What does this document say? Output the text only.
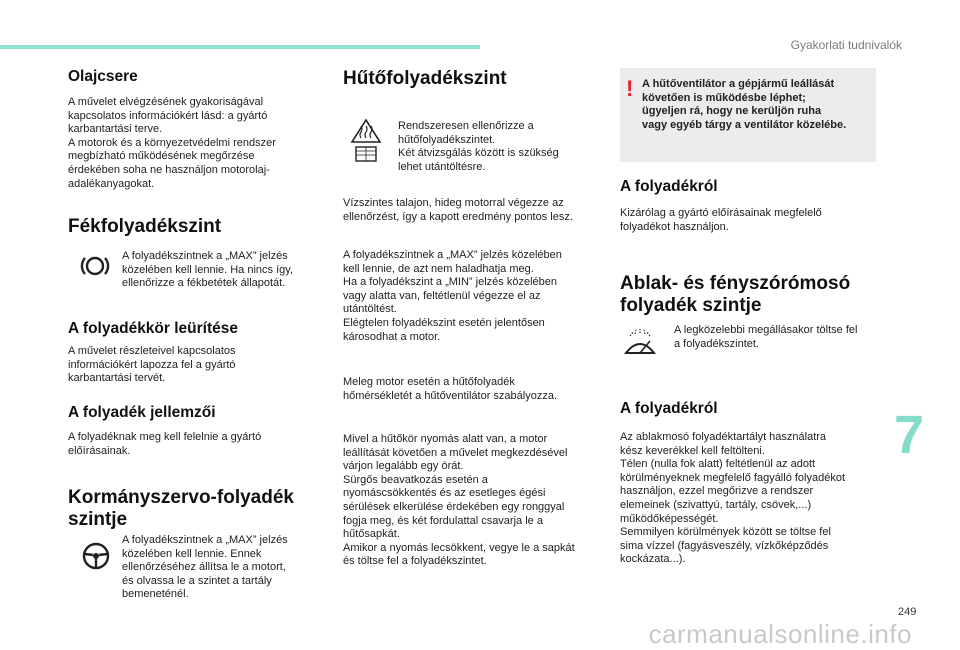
Gyakorlati tudnivalók
7
249
carmanualsonline.info
Olajcsere
A művelet elvégzésének gyakoriságával
kapcsolatos információkért lásd: a gyártó
karbantartási terve.
A motorok és a környezetvédelmi rendszer
megbízható működésének megőrzése
érdekében soha ne használjon motorolaj-
adalékanyagokat.
Fékfolyadékszint
A folyadékszintnek a „MAX” jelzés
közelében kell lennie. Ha nincs így,
ellenőrizze a fékbetétek állapotát.
A folyadékkör leürítése
A művelet részleteivel kapcsolatos
információkért lapozza fel a gyártó
karbantartási tervét.
A folyadék jellemzői
A folyadéknak meg kell felelnie a gyártó
előírásainak.
Kormányszervo-folyadék
szintje
A folyadékszintnek a „MAX” jelzés
közelében kell lennie. Ennek
ellenőrzéséhez állítsa le a motort,
és olvassa le a szintet a tartály
bemeneténél.
Hűtőfolyadékszint
Rendszeresen ellenőrizze a
hűtőfolyadékszintet.
Két átvizsgálás között is szükség
lehet utántöltésre.
Vízszintes talajon, hideg motorral végezze az
ellenőrzést, így a kapott eredmény pontos lesz.
A folyadékszintnek a „MAX” jelzés közelében
kell lennie, de azt nem haladhatja meg.
Ha a folyadékszint a „MIN” jelzés közelében
vagy alatta van, feltétlenül végezze el az
utántöltést.
Elégtelen folyadékszint esetén jelentősen
károsodhat a motor.
Meleg motor esetén a hűtőfolyadék
hőmérsékletét a hűtőventilátor szabályozza.
Mivel a hűtőkör nyomás alatt van, a motor
leállítását követően a művelet megkezdésével
várjon legalább egy órát.
Sürgős beavatkozás esetén a
nyomáscsökkentés és az esetleges égési
sérülések elkerülése érdekében egy ronggyal
fogja meg, és két fordulattal csavarja le a
hűtősapkát.
Amikor a nyomás lecsökkent, vegye le a sapkát
és töltse fel a folyadékszintet.
! A hűtőventilátor a gépjármű leállását
követően is működésbe léphet;
ügyeljen rá, hogy ne kerüljön ruha
vagy egyéb tárgy a ventilátor közelébe.
A folyadékról
Kizárólag a gyártó előírásainak megfelelő
folyadékot használjon.
Ablak- és fényszórómosó
folyadék szintje
A legközelebbi megállásakor töltse fel
a folyadékszintet.
A folyadékról
Az ablakmosó folyadéktartályt használatra
kész keverékkel kell feltölteni.
Télen (nulla fok alatt) feltétlenül az adott
körülményeknek megfelelő fagyálló folyadékot
használjon, ezzel megőrizve a rendszer
elemeinek (szivattyú, tartály, csövek,...)
működőképességét.
Semmilyen körülmények között se töltse fel
sima vízzel (fagyásveszély, vízkőképződés
kockázata...).
